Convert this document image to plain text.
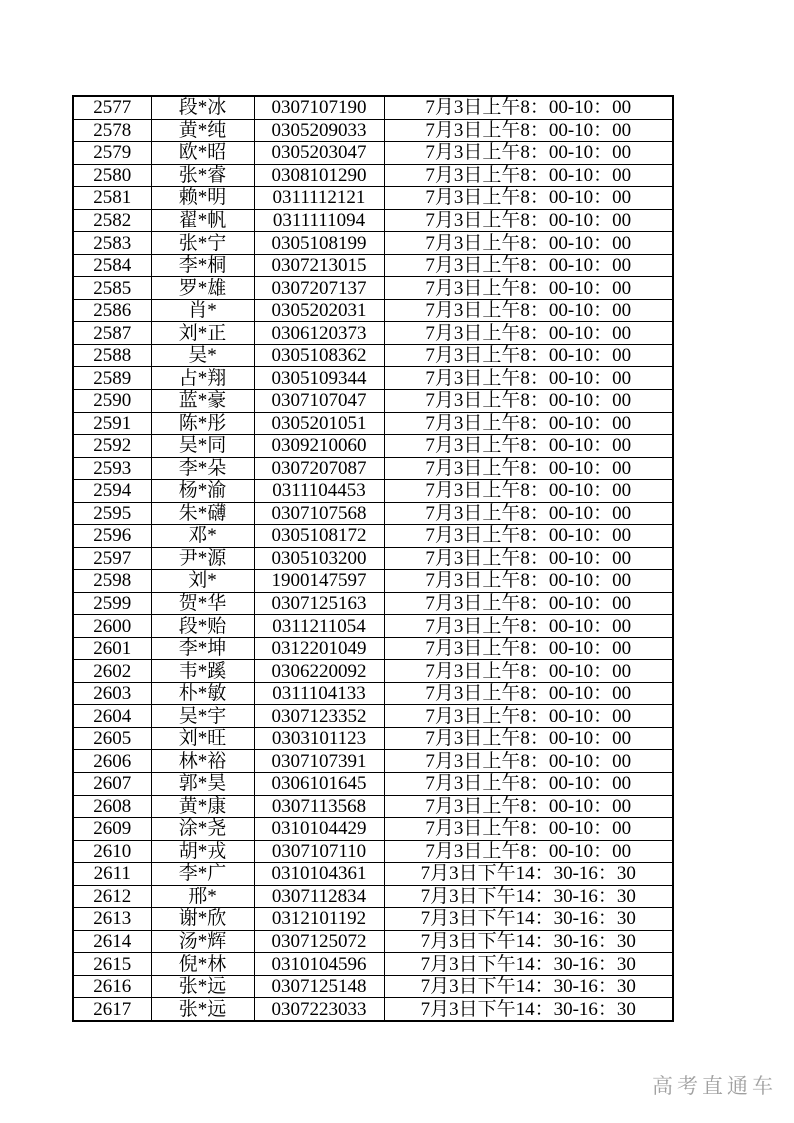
2577	段*冰	0307107190	7月3日上午8：00-10：00
2578	黄*纯	0305209033	7月3日上午8：00-10：00
2579	欧*昭	0305203047	7月3日上午8：00-10：00
2580	张*睿	0308101290	7月3日上午8：00-10：00
2581	赖*明	0311112121	7月3日上午8：00-10：00
2582	翟*帆	0311111094	7月3日上午8：00-10：00
2583	张*宁	0305108199	7月3日上午8：00-10：00
2584	李*桐	0307213015	7月3日上午8：00-10：00
2585	罗*雄	0307207137	7月3日上午8：00-10：00
2586	肖*	0305202031	7月3日上午8：00-10：00
2587	刘*正	0306120373	7月3日上午8：00-10：00
2588	吴*	0305108362	7月3日上午8：00-10：00
2589	占*翔	0305109344	7月3日上午8：00-10：00
2590	蓝*豪	0307107047	7月3日上午8：00-10：00
2591	陈*彤	0305201051	7月3日上午8：00-10：00
2592	吴*同	0309210060	7月3日上午8：00-10：00
2593	李*朵	0307207087	7月3日上午8：00-10：00
2594	杨*渝	0311104453	7月3日上午8：00-10：00
2595	朱*礴	0307107568	7月3日上午8：00-10：00
2596	邓*	0305108172	7月3日上午8：00-10：00
2597	尹*源	0305103200	7月3日上午8：00-10：00
2598	刘*	1900147597	7月3日上午8：00-10：00
2599	贺*华	0307125163	7月3日上午8：00-10：00
2600	段*贻	0311211054	7月3日上午8：00-10：00
2601	李*坤	0312201049	7月3日上午8：00-10：00
2602	韦*蹊	0306220092	7月3日上午8：00-10：00
2603	朴*敏	0311104133	7月3日上午8：00-10：00
2604	吴*宇	0307123352	7月3日上午8：00-10：00
2605	刘*旺	0303101123	7月3日上午8：00-10：00
2606	林*裕	0307107391	7月3日上午8：00-10：00
2607	郭*昊	0306101645	7月3日上午8：00-10：00
2608	黄*康	0307113568	7月3日上午8：00-10：00
2609	涂*尧	0310104429	7月3日上午8：00-10：00
2610	胡*戎	0307107110	7月3日上午8：00-10：00
2611	李*广	0310104361	7月3日下午14：30-16：30
2612	邢*	0307112834	7月3日下午14：30-16：30
2613	谢*欣	0312101192	7月3日下午14：30-16：30
2614	汤*辉	0307125072	7月3日下午14：30-16：30
2615	倪*林	0310104596	7月3日下午14：30-16：30
2616	张*远	0307125148	7月3日下午14：30-16：30
2617	张*远	0307223033	7月3日下午14：30-16：30
高考直通车
